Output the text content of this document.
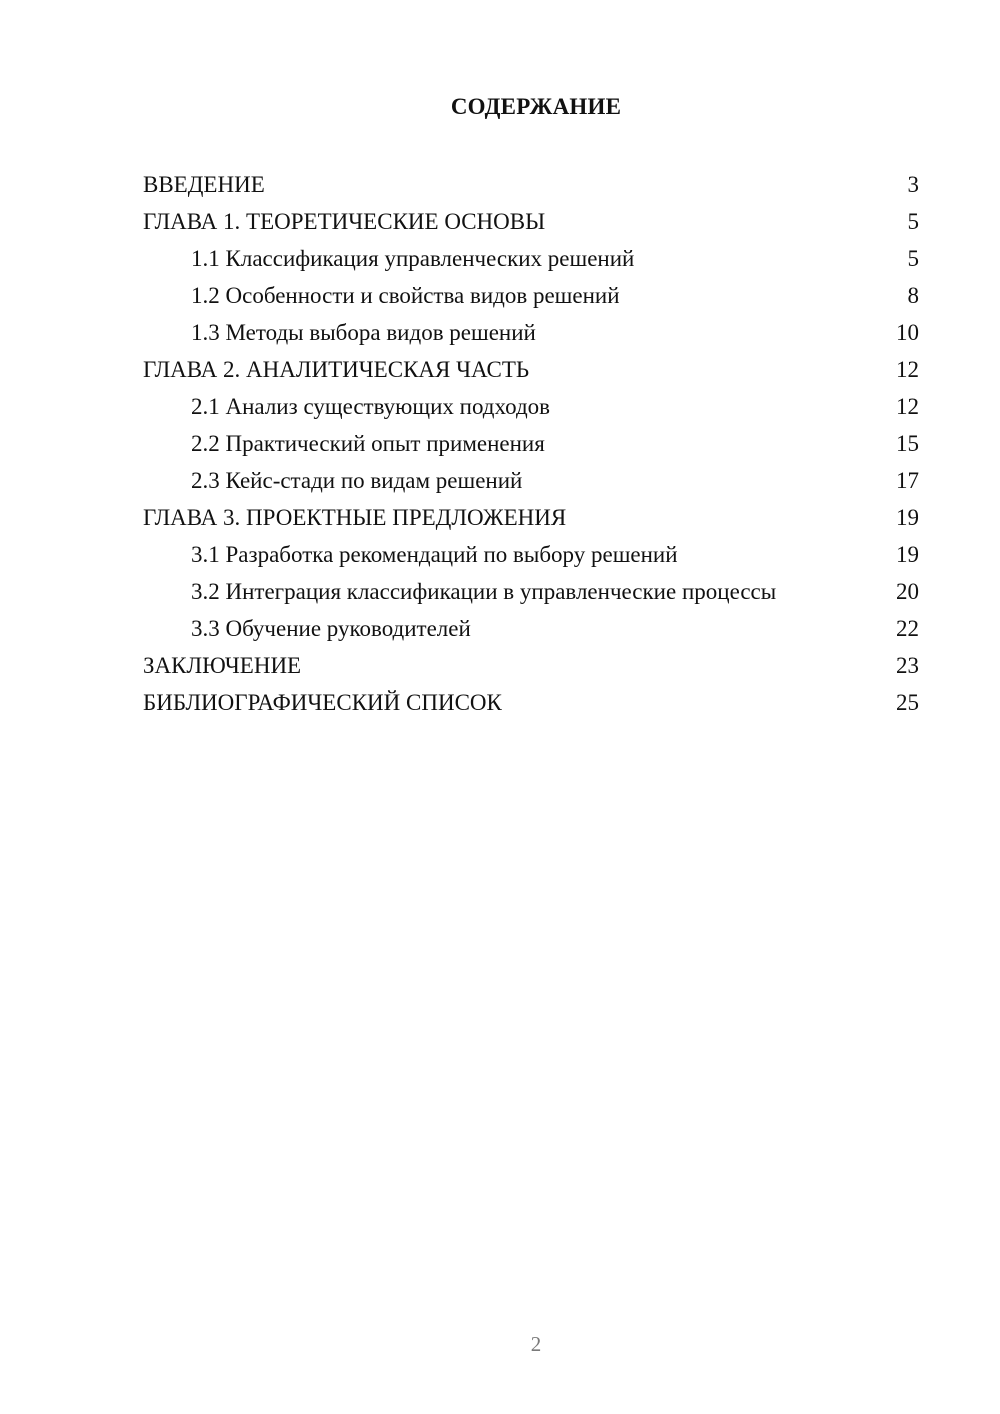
СОДЕРЖАНИЕ
ВВЕДЕНИЕ	3
ГЛАВА 1. ТЕОРЕТИЧЕСКИЕ ОСНОВЫ	5
1.1 Классификация управленческих решений	5
1.2 Особенности и свойства видов решений	8
1.3 Методы выбора видов решений	10
ГЛАВА 2. АНАЛИТИЧЕСКАЯ ЧАСТЬ	12
2.1 Анализ существующих подходов	12
2.2 Практический опыт применения	15
2.3 Кейс-стади по видам решений	17
ГЛАВА 3. ПРОЕКТНЫЕ ПРЕДЛОЖЕНИЯ	19
3.1 Разработка рекомендаций по выбору решений	19
3.2 Интеграция классификации в управленческие процессы	20
3.3 Обучение руководителей	22
ЗАКЛЮЧЕНИЕ	23
БИБЛИОГРАФИЧЕСКИЙ СПИСОК	25
2
